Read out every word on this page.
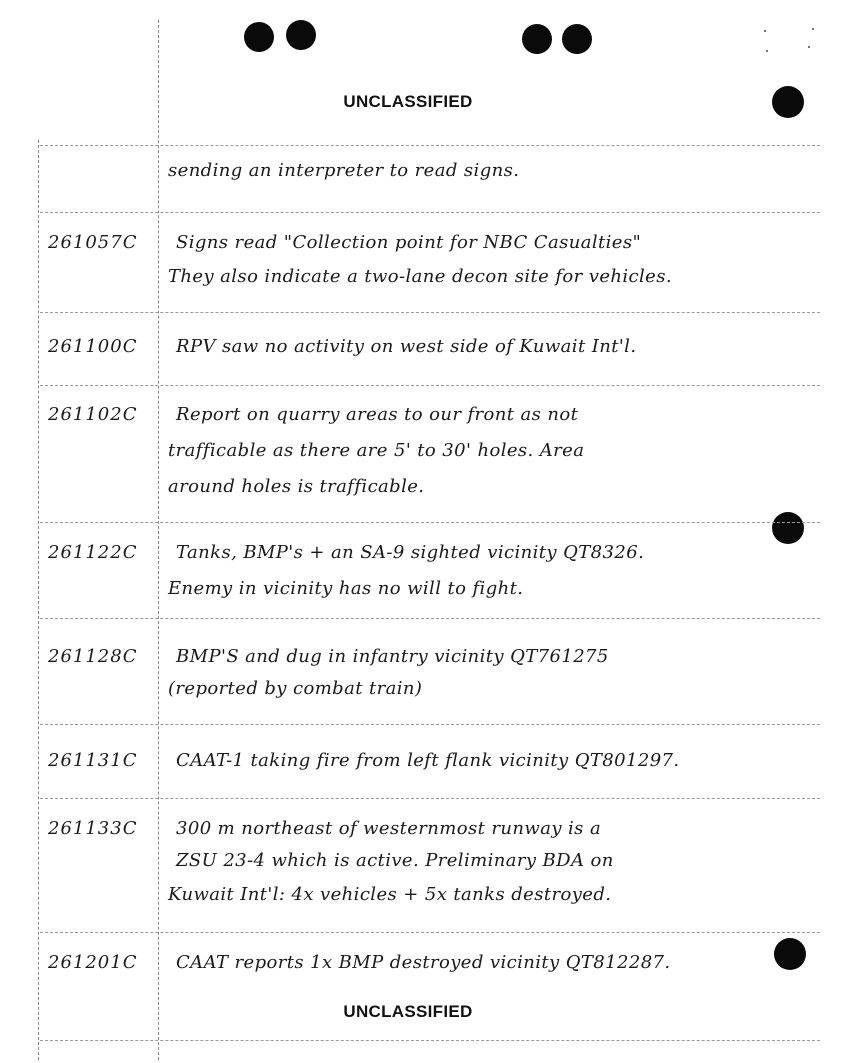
UNCLASSIFIED
UNCLASSIFIED
sending an interpreter to read signs.
261057C	Signs read "Collection point for NBC Casualties"
They also indicate a two-lane decon site for vehicles.
261100C	RPV saw no activity on west side of Kuwait Int'l.
261102C	Report on quarry areas to our front as not
trafficable as there are 5' to 30' holes. Area
around holes is trafficable.
261122C	Tanks, BMP's + an SA-9 sighted vicinity QT8326.
Enemy in vicinity has no will to fight.
261128C	BMP'S and dug in infantry vicinity QT761275
(reported by combat train)
261131C	CAAT-1 taking fire from left flank vicinity QT801297.
261133C	300 m northeast of westernmost runway is a
ZSU 23-4 which is active. Preliminary BDA on
Kuwait Int'l: 4x vehicles + 5x tanks destroyed.
261201C	CAAT reports 1x BMP destroyed vicinity QT812287.
